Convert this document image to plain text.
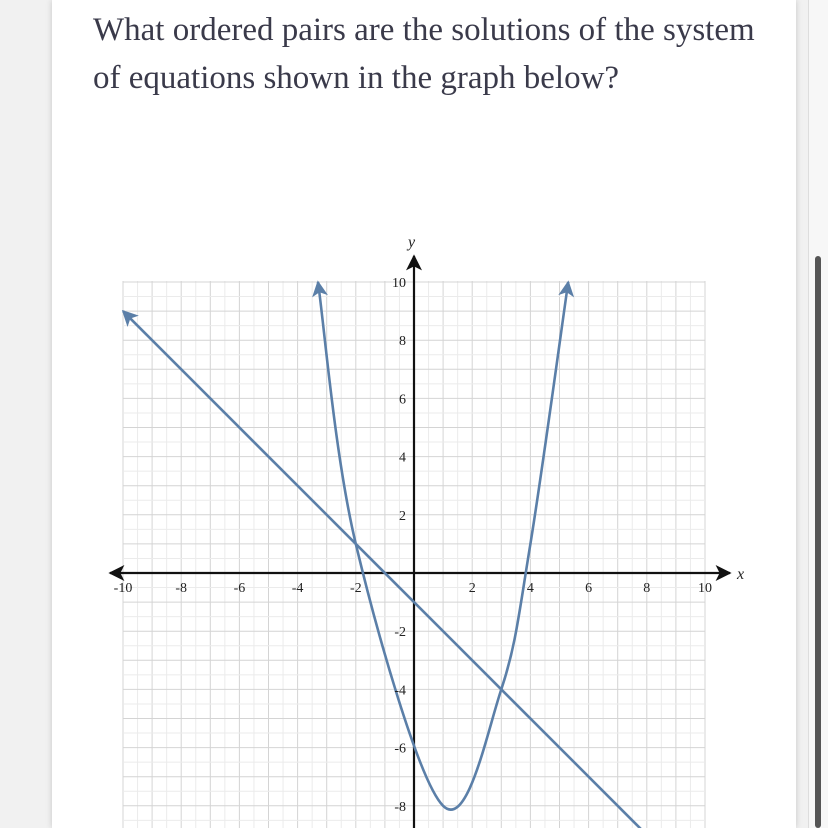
What ordered pairs are the solutions of the system of equations shown in the graph below?

x
y
-10	-8	-6	-4	-2	2	4	6	8	10
-8
-6
-4
-2
2
4
6
8
10
